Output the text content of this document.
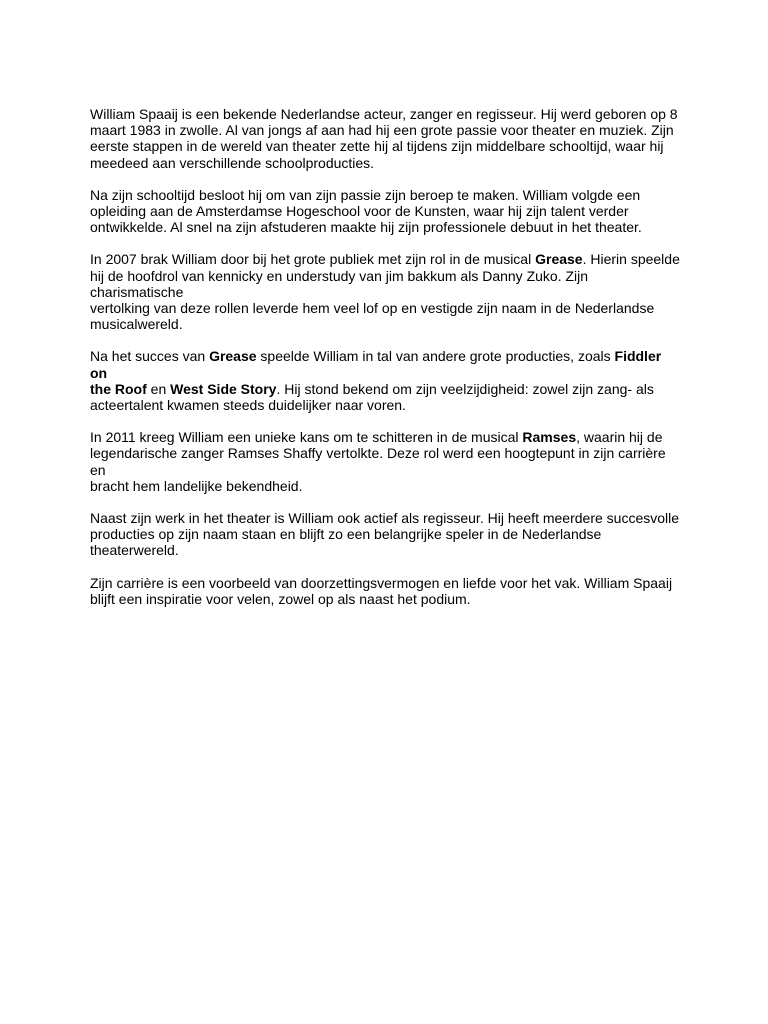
William Spaaij is een bekende Nederlandse acteur, zanger en regisseur. Hij werd geboren op 8
maart 1983 in zwolle. Al van jongs af aan had hij een grote passie voor theater en muziek. Zijn
eerste stappen in de wereld van theater zette hij al tijdens zijn middelbare schooltijd, waar hij
meedeed aan verschillende schoolproducties.

Na zijn schooltijd besloot hij om van zijn passie zijn beroep te maken. William volgde een
opleiding aan de Amsterdamse Hogeschool voor de Kunsten, waar hij zijn talent verder
ontwikkelde. Al snel na zijn afstuderen maakte hij zijn professionele debuut in het theater.

In 2007 brak William door bij het grote publiek met zijn rol in de musical Grease. Hierin speelde
hij de hoofdrol van kennicky en understudy van jim bakkum als Danny Zuko. Zijn charismatische
vertolking van deze rollen leverde hem veel lof op en vestigde zijn naam in de Nederlandse
musicalwereld.

Na het succes van Grease speelde William in tal van andere grote producties, zoals Fiddler on
the Roof en West Side Story. Hij stond bekend om zijn veelzijdigheid: zowel zijn zang- als
acteertalent kwamen steeds duidelijker naar voren.

In 2011 kreeg William een unieke kans om te schitteren in de musical Ramses, waarin hij de
legendarische zanger Ramses Shaffy vertolkte. Deze rol werd een hoogtepunt in zijn carrière en
bracht hem landelijke bekendheid.

Naast zijn werk in het theater is William ook actief als regisseur. Hij heeft meerdere succesvolle
producties op zijn naam staan en blijft zo een belangrijke speler in de Nederlandse
theaterwereld.

Zijn carrière is een voorbeeld van doorzettingsvermogen en liefde voor het vak. William Spaaij
blijft een inspiratie voor velen, zowel op als naast het podium.
